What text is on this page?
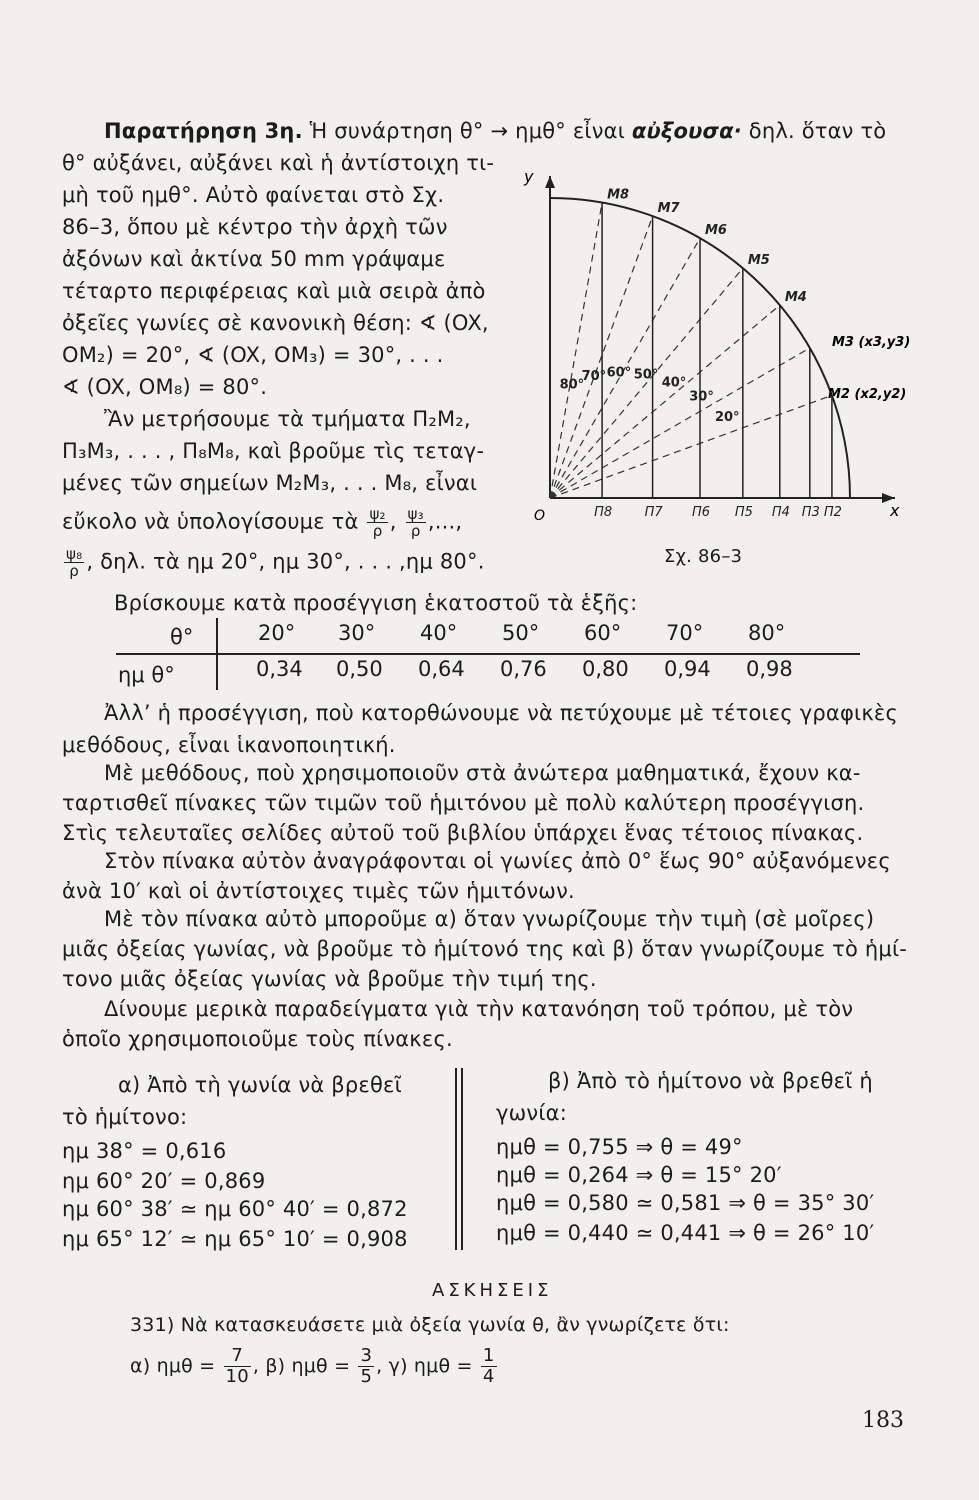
Παρατήρηση 3η. Ἡ συνάρτηση θ° → ημθ° εἶναι αὐξουσα· δηλ. ὅταν τὸ
θ° αὐξάνει, αὐξάνει καὶ ἡ ἀντίστοιχη τι-
μὴ τοῦ ημθ°. Αὐτὸ φαίνεται στὸ Σχ.
86–3, ὅπου μὲ κέντρο τὴν ἀρχὴ τῶν
ἀξόνων καὶ ἀκτίνα 50 mm γράψαμε
τέταρτο περιφέρειας καὶ μιὰ σειρὰ ἀπὸ
ὀξεῖες γωνίες σὲ κανονικὴ θέση: ∢ (OX,
OM₂) = 20°, ∢ (OX, OM₃) = 30°, . . .
∢ (OX, OM₈) = 80°.
Ἂν μετρήσουμε τὰ τμήματα Π₂M₂,
Π₃M₃, . . . , Π₈M₈, καὶ βροῦμε τὶς τεταγ-
μένες τῶν σημείων M₂M₃, . . . M₈, εἶναι
εὔκολο νὰ ὑπολογίσουμε τὰ $\frac{\text{ψ₂}}{\rho}$ , $\frac{\text{ψ₃}}{\rho}$ ,...,
$\frac{\text{ψ₈}}{\rho}$ , δηλ. τὰ ημ 20°, ημ 30°, . . . ,ημ 80°.
M8
M7
M6
M5
M4
Π8 Π7 Π6 Π5 Π4 Π3 Π2
80°
70° 60° 50°
40°
30°
20°
y
x
O
M3 (x3,y3)
M2 (x2,y2)
Σχ. 86–3
Βρίσκουμε κατὰ προσέγγιση ἑκατοστοῦ τὰ ἑξῆς:
θ°
ημ θ°
20° 30° 40° 50° 60° 70° 80°
0,34 0,50 0,64 0,76 0,80 0,94 0,98
Ἀλλ’ ἡ προσέγγιση, ποὺ κατορθώνουμε νὰ πετύχουμε μὲ τέτοιες γραφικὲς
μεθόδους, εἶναι ἱκανοποιητική.
Μὲ μεθόδους, ποὺ χρησιμοποιοῦν στὰ ἀνώτερα μαθηματικά, ἔχουν κα-
ταρτισθεῖ πίνακες τῶν τιμῶν τοῦ ἡμιτόνου μὲ πολὺ καλύτερη προσέγγιση.
Στὶς τελευταῖες σελίδες αὐτοῦ τοῦ βιβλίου ὑπάρχει ἕνας τέτοιος πίνακας.
Στὸν πίνακα αὐτὸν ἀναγράφονται οἱ γωνίες ἀπὸ 0° ἕως 90° αὐξανόμενες
ἀνὰ 10′ καὶ οἱ ἀντίστοιχες τιμὲς τῶν ἡμιτόνων.
Μὲ τὸν πίνακα αὐτὸ μποροῦμε α) ὅταν γνωρίζουμε τὴν τιμὴ (σὲ μοῖρες)
μιᾶς ὀξείας γωνίας, νὰ βροῦμε τὸ ἡμίτονό της καὶ β) ὅταν γνωρίζουμε τὸ ἡμί-
τονο μιᾶς ὀξείας γωνίας νὰ βροῦμε τὴν τιμή της.
Δίνουμε μερικὰ παραδείγματα γιὰ τὴν κατανόηση τοῦ τρόπου, μὲ τὸν
ὁποῖο χρησιμοποιοῦμε τοὺς πίνακες.
α) Ἀπὸ τὴ γωνία νὰ βρεθεῖ
τὸ ἡμίτονο:
ημ 38° = 0,616
ημ 60° 20′ = 0,869
ημ 60° 38′ ≃ ημ 60° 40′ = 0,872
ημ 65° 12′ ≃ ημ 65° 10′ = 0,908
β) Ἀπὸ τὸ ἡμίτονο νὰ βρεθεῖ ἡ
γωνία:
ημθ = 0,755 ⇒ θ = 49°
ημθ = 0,264 ⇒ θ = 15° 20′
ημθ = 0,580 ≃ 0,581 ⇒ θ = 35° 30′
ημθ = 0,440 ≃ 0,441 ⇒ θ = 26° 10′
ΑΣΚΗΣΕΙΣ
331) Νὰ κατασκευάσετε μιὰ ὀξεία γωνία θ, ἂν γνωρίζετε ὅτι:
α) $\eta\mu\theta = \frac{7}{10}$ , β) $\eta\mu\theta = \frac{3}{5}$ , γ) $\eta\mu\theta = \frac{1}{4}$
183
